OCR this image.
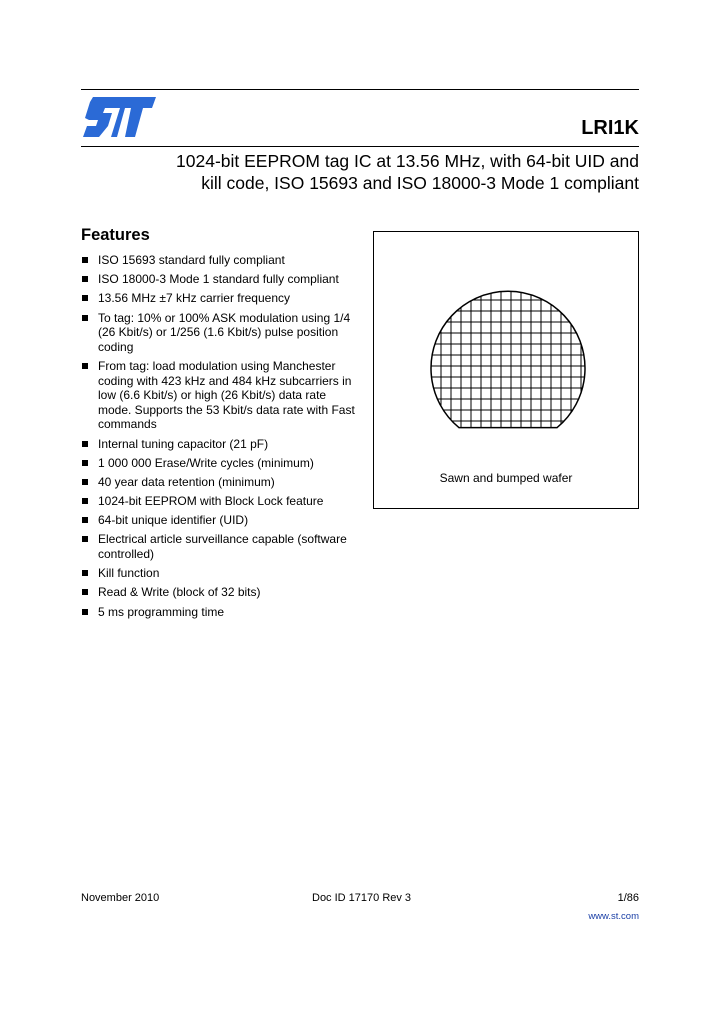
LRI1K
1024-bit EEPROM tag IC at 13.56 MHz, with 64-bit UID and
kill code, ISO 15693 and ISO 18000-3 Mode 1 compliant
Features
ISO 15693 standard fully compliant
ISO 18000-3 Mode 1 standard fully compliant
13.56 MHz ±7 kHz carrier frequency
To tag: 10% or 100% ASK modulation using 1/4 (26 Kbit/s) or 1/256 (1.6 Kbit/s) pulse position coding
From tag: load modulation using Manchester coding with 423 kHz and 484 kHz subcarriers in low (6.6 Kbit/s) or high (26 Kbit/s) data rate mode. Supports the 53 Kbit/s data rate with Fast commands
Internal tuning capacitor (21 pF)
1 000 000 Erase/Write cycles (minimum)
40 year data retention (minimum)
1024-bit EEPROM with Block Lock feature
64-bit unique identifier (UID)
Electrical article surveillance capable (software controlled)
Kill function
Read & Write (block of 32 bits)
5 ms programming time
Sawn and bumped wafer
November 2010	Doc ID 17170 Rev 3	1/86
www.st.com
